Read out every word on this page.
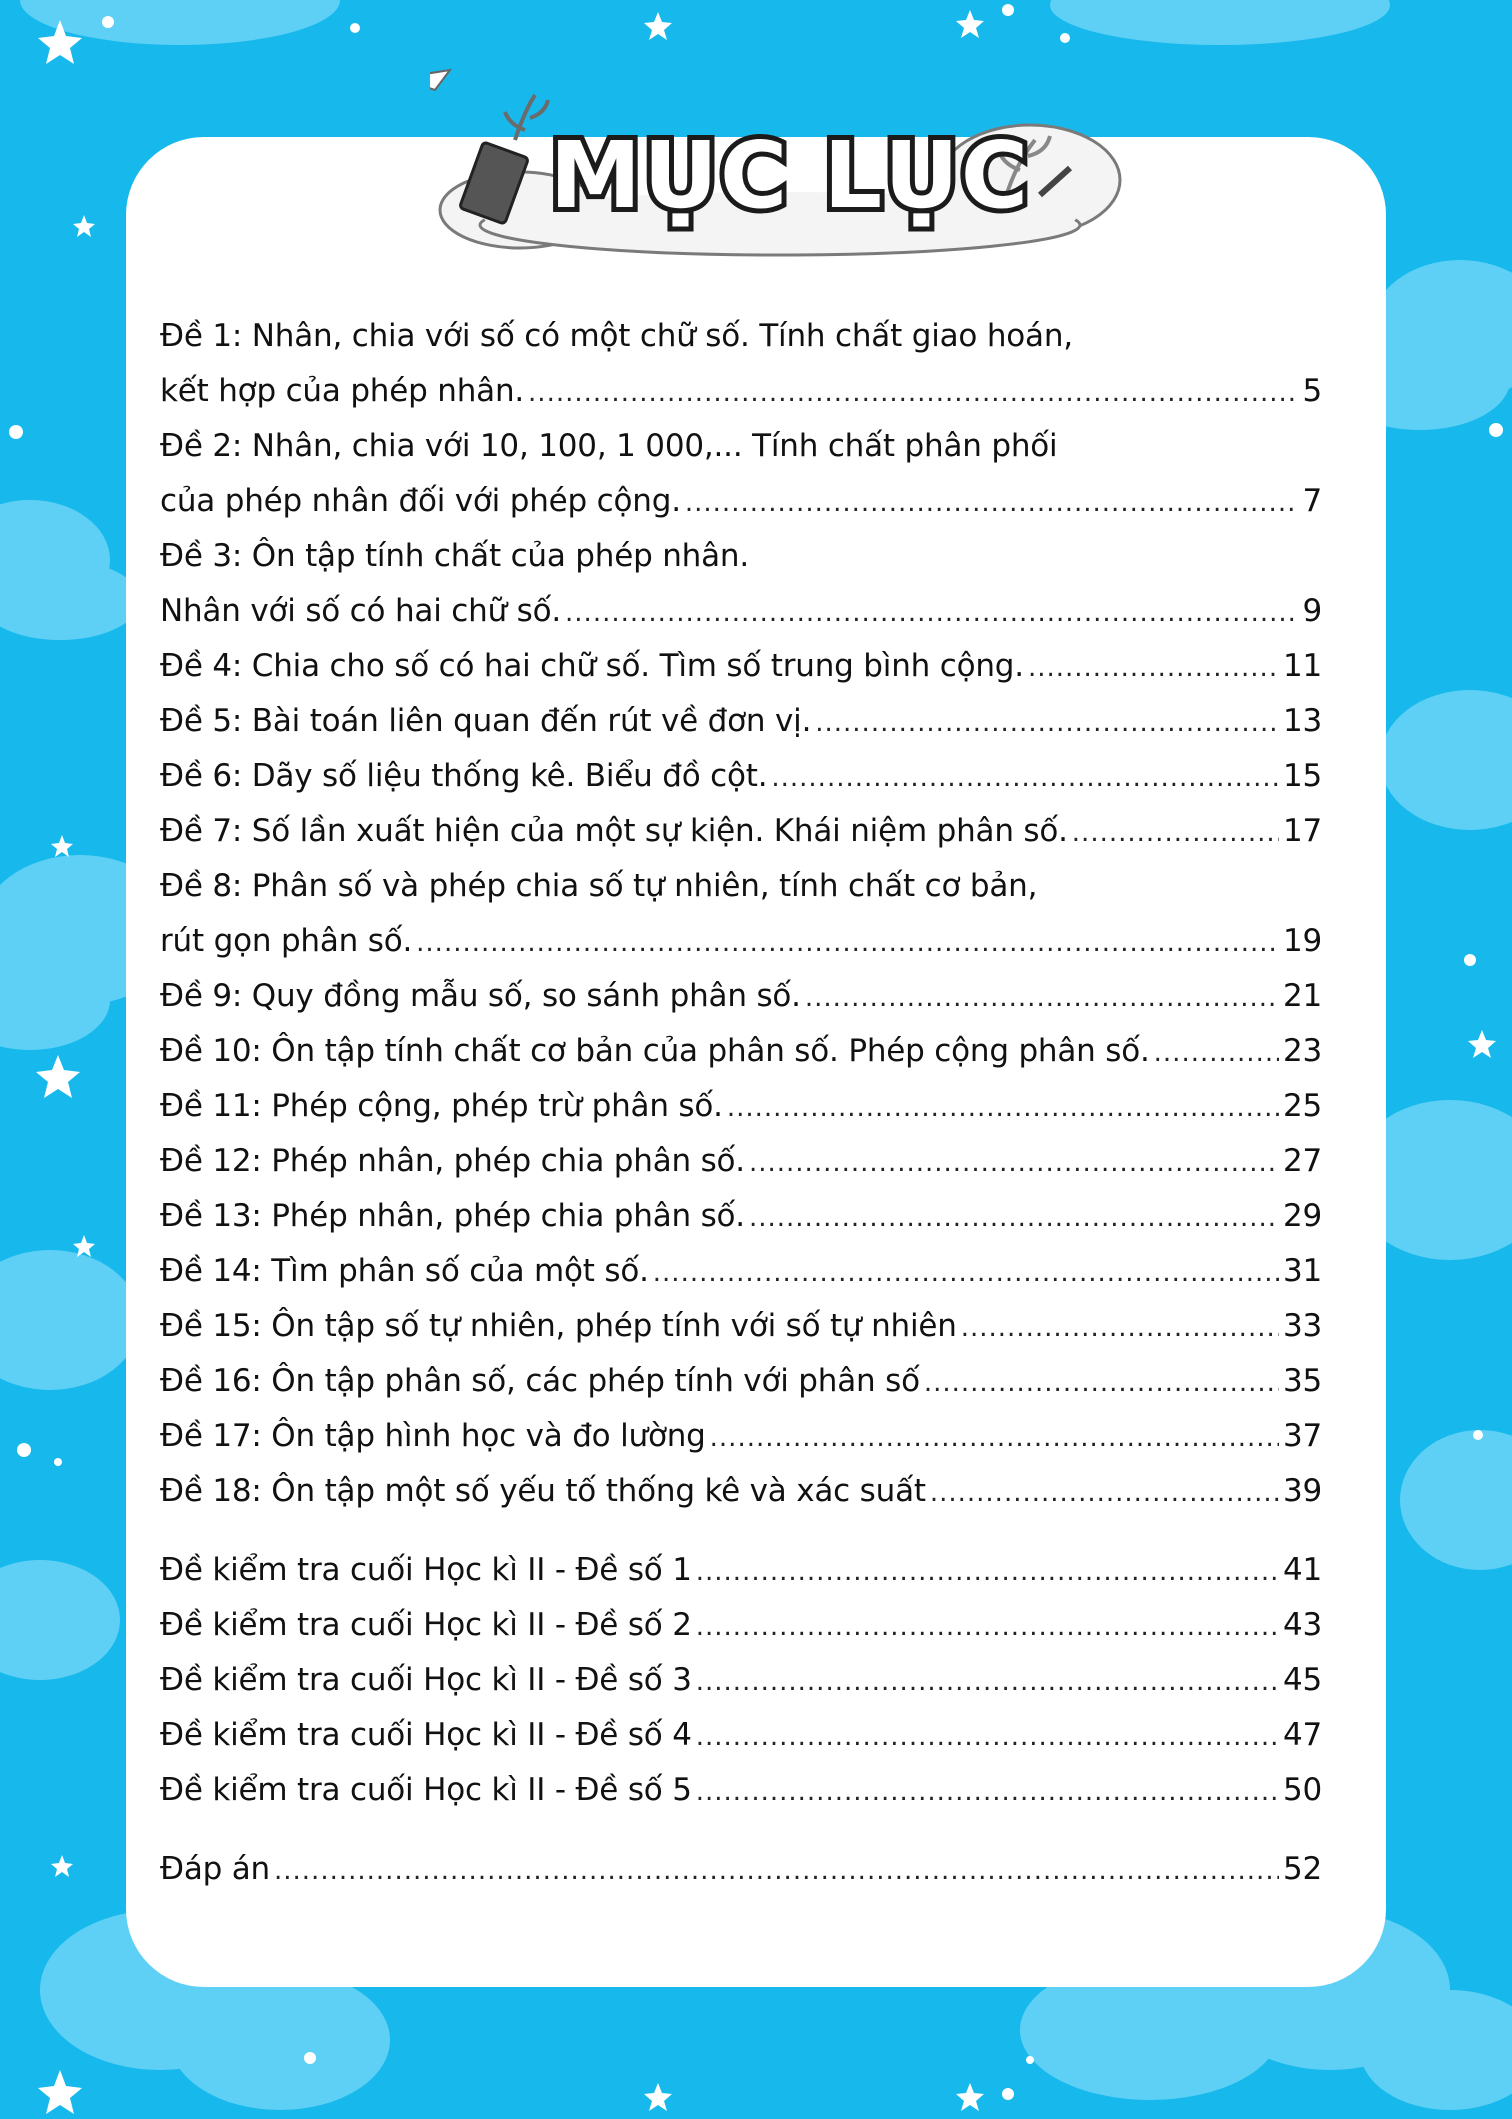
MỤC LỤC
Đề 1: Nhân, chia với số có một chữ số. Tính chất giao hoán,
kết hợp của phép nhân. .....	5
Đề 2: Nhân, chia với 10, 100, 1 000,... Tính chất phân phối
của phép nhân đối với phép cộng. .....	7
Đề 3: Ôn tập tính chất của phép nhân.
Nhân với số có hai chữ số. .....	9
Đề 4: Chia cho số có hai chữ số. Tìm số trung bình cộng. .....	11
Đề 5: Bài toán liên quan đến rút về đơn vị. .....	13
Đề 6: Dãy số liệu thống kê. Biểu đồ cột. .....	15
Đề 7: Số lần xuất hiện của một sự kiện. Khái niệm phân số. .....	17
Đề 8: Phân số và phép chia số tự nhiên, tính chất cơ bản,
rút gọn phân số. .....	19
Đề 9: Quy đồng mẫu số, so sánh phân số. .....	21
Đề 10: Ôn tập tính chất cơ bản của phân số. Phép cộng phân số. .....	23
Đề 11: Phép cộng, phép trừ phân số. .....	25
Đề 12: Phép nhân, phép chia phân số. .....	27
Đề 13: Phép nhân, phép chia phân số. .....	29
Đề 14: Tìm phân số của một số. .....	31
Đề 15: Ôn tập số tự nhiên, phép tính với số tự nhiên .....	33
Đề 16: Ôn tập phân số, các phép tính với phân số .....	35
Đề 17: Ôn tập hình học và đo lường .....	37
Đề 18: Ôn tập một số yếu tố thống kê và xác suất .....	39
Đề kiểm tra cuối Học kì II - Đề số 1 .....	41
Đề kiểm tra cuối Học kì II - Đề số 2 .....	43
Đề kiểm tra cuối Học kì II - Đề số 3 .....	45
Đề kiểm tra cuối Học kì II - Đề số 4 .....	47
Đề kiểm tra cuối Học kì II - Đề số 5 .....	50
Đáp án .....	52
